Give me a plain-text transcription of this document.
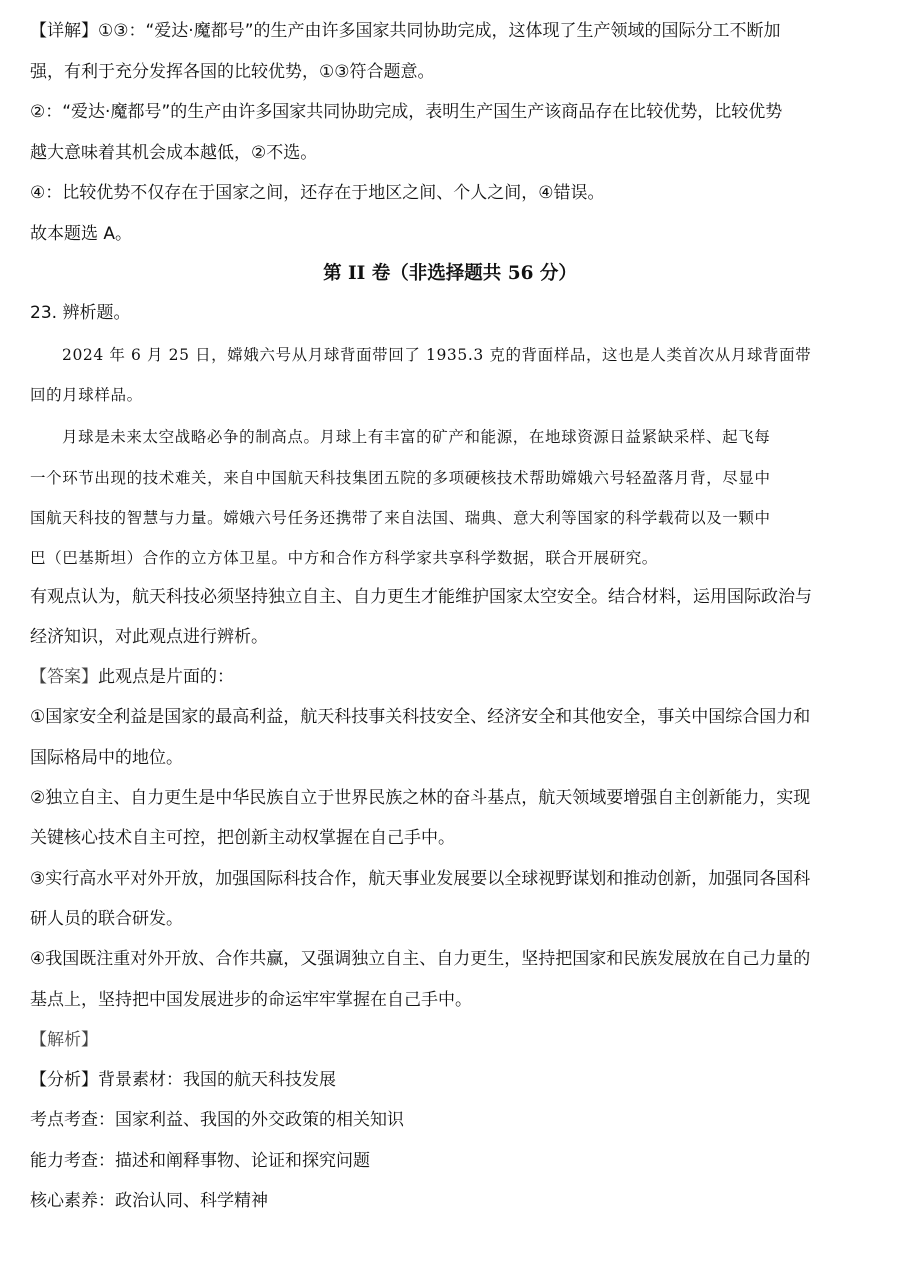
【详解】①③：“爱达·魔都号”的生产由许多国家共同协助完成，这体现了生产领域的国际分工不断加
强，有利于充分发挥各国的比较优势，①③符合题意。
②：“爱达·魔都号”的生产由许多国家共同协助完成，表明生产国生产该商品存在比较优势，比较优势
越大意味着其机会成本越低，②不选。
④：比较优势不仅存在于国家之间，还存在于地区之间、个人之间，④错误。
故本题选 A。
第 II 卷（非选择题共 56 分）
23. 辨析题。
2024 年 6 月 25 日，嫦娥六号从月球背面带回了 1935.3 克的背面样品，这也是人类首次从月球背面带
回的月球样品。
月球是未来太空战略必争的制高点。月球上有丰富的矿产和能源，在地球资源日益紧缺采样、起飞每
一个环节出现的技术难关，来自中国航天科技集团五院的多项硬核技术帮助嫦娥六号轻盈落月背，尽显中
国航天科技的智慧与力量。嫦娥六号任务还携带了来自法国、瑞典、意大利等国家的科学载荷以及一颗中
巴（巴基斯坦）合作的立方体卫星。中方和合作方科学家共享科学数据，联合开展研究。
有观点认为，航天科技必须坚持独立自主、自力更生才能维护国家太空安全。结合材料，运用国际政治与
经济知识，对此观点进行辨析。
【答案】此观点是片面的：
①国家安全利益是国家的最高利益，航天科技事关科技安全、经济安全和其他安全，事关中国综合国力和
国际格局中的地位。
②独立自主、自力更生是中华民族自立于世界民族之林的奋斗基点，航天领域要增强自主创新能力，实现
关键核心技术自主可控，把创新主动权掌握在自己手中。
③实行高水平对外开放，加强国际科技合作，航天事业发展要以全球视野谋划和推动创新，加强同各国科
研人员的联合研发。
④我国既注重对外开放、合作共赢，又强调独立自主、自力更生，坚持把国家和民族发展放在自己力量的
基点上，坚持把中国发展进步的命运牢牢掌握在自己手中。
【解析】
【分析】背景素材：我国的航天科技发展
考点考查：国家利益、我国的外交政策的相关知识
能力考查：描述和阐释事物、论证和探究问题
核心素养：政治认同、科学精神
